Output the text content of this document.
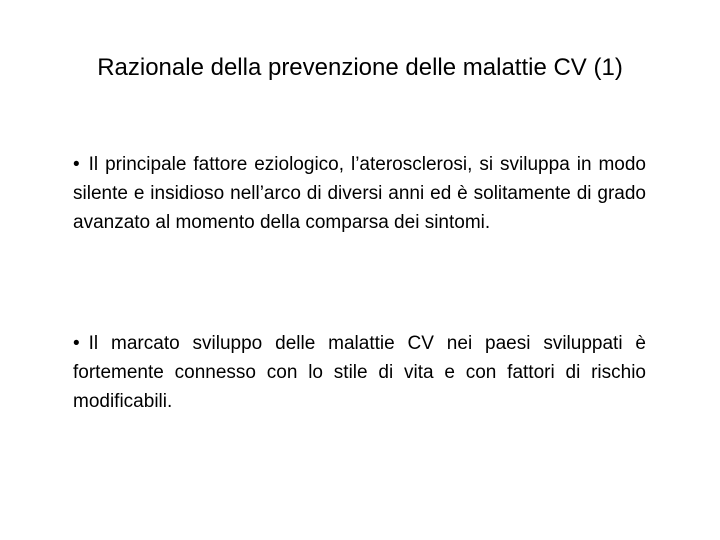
Razionale della prevenzione delle malattie CV (1)
• Il principale fattore eziologico, l’aterosclerosi, si sviluppa in modo silente e insidioso nell’arco di diversi anni ed è solitamente di grado avanzato al momento della comparsa dei sintomi.
• Il marcato sviluppo delle malattie CV nei paesi sviluppati è fortemente connesso con lo stile di vita e con fattori di rischio modificabili.
